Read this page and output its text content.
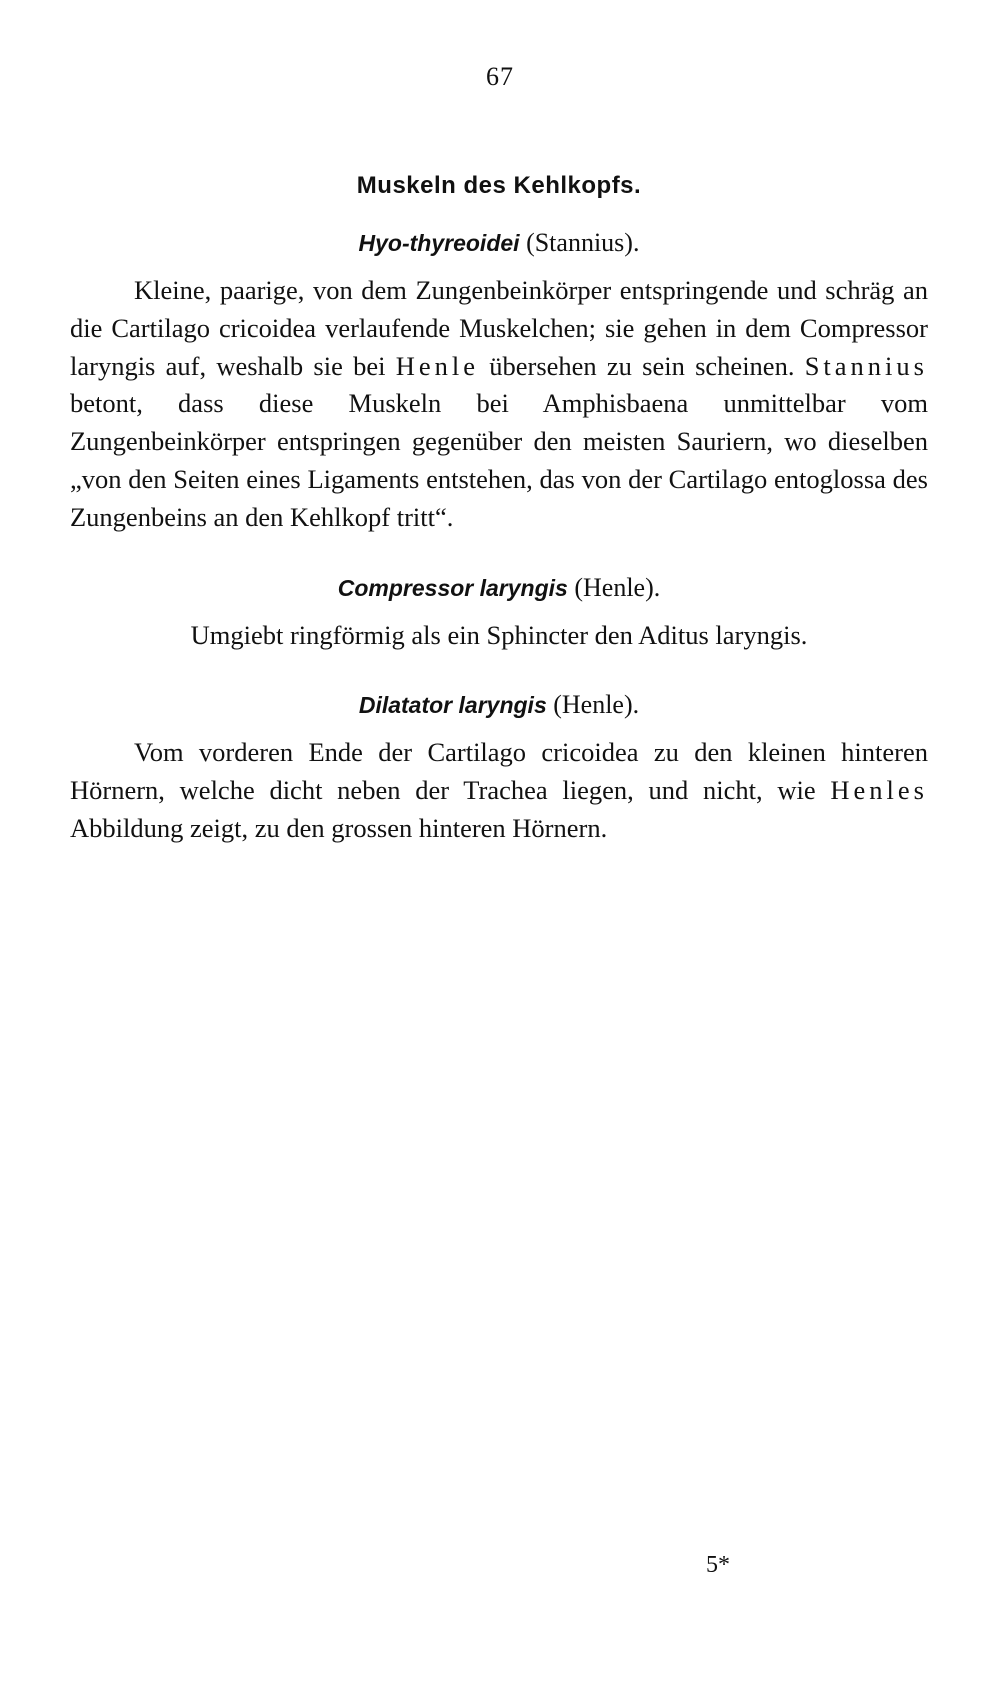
67
Muskeln des Kehlkopfs.
Hyo-thyreoidei (Stannius).

Kleine, paarige, von dem Zungenbeinkörper entspringende und schräg an die Cartilago cricoidea verlaufende Muskelchen; sie gehen in dem Compressor laryngis auf, weshalb sie bei Henle übersehen zu sein scheinen. Stannius betont, dass diese Muskeln bei Amphisbaena unmittelbar vom Zungenbeinkörper entspringen gegenüber den meisten Sauriern, wo dieselben „von den Seiten eines Ligaments entstehen, das von der Cartilago entoglossa des Zungenbeins an den Kehlkopf tritt“.

Compressor laryngis (Henle).

Umgiebt ringförmig als ein Sphincter den Aditus laryngis.

Dilatator laryngis (Henle).

Vom vorderen Ende der Cartilago cricoidea zu den kleinen hinteren Hörnern, welche dicht neben der Trachea liegen, und nicht, wie Henles Abbildung zeigt, zu den grossen hinteren Hörnern.

5*
